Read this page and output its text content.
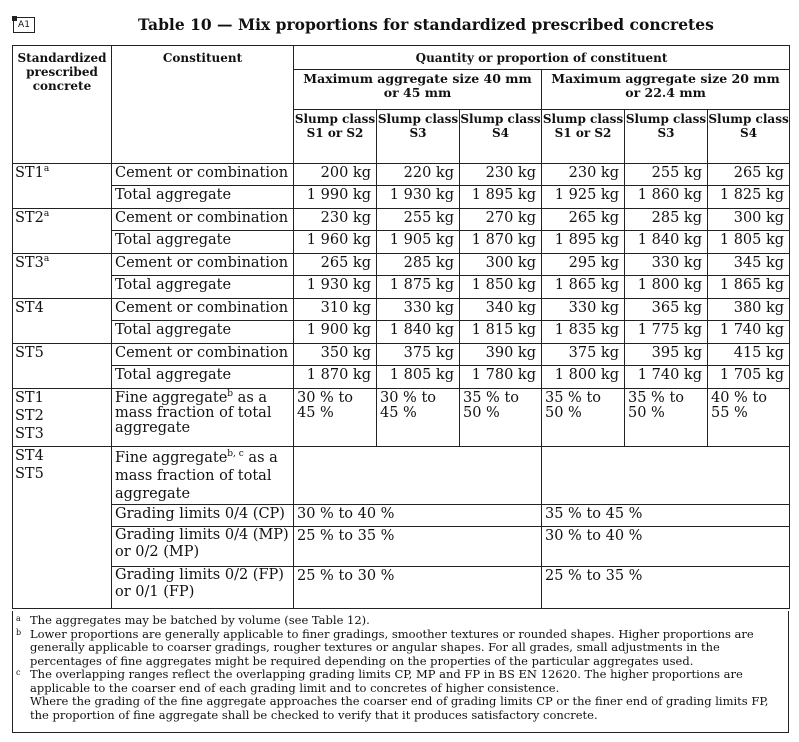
A1	Table 10 — Mix proportions for standardized prescribed concretes
Standardized prescribed concrete	Constituent	Quantity or proportion of constituent					
		Maximum aggregate size 40 mm or 45 mm			Maximum aggregate size 20 mm or 22.4 mm		
		Slump class S1 or S2	Slump class S3	Slump class S4	Slump class S1 or S2	Slump class S3	Slump class S4
ST1$^a$	Cement or combination	200 kg	220 kg	230 kg	230 kg	255 kg	265 kg
	Total aggregate	1 990 kg	1 930 kg	1 895 kg	1 925 kg	1 860 kg	1 825 kg
ST2$^a$	Cement or combination	230 kg	255 kg	270 kg	265 kg	285 kg	300 kg
	Total aggregate	1 960 kg	1 905 kg	1 870 kg	1 895 kg	1 840 kg	1 805 kg
ST3$^a$	Cement or combination	265 kg	285 kg	300 kg	295 kg	330 kg	345 kg
	Total aggregate	1 930 kg	1 875 kg	1 850 kg	1 865 kg	1 800 kg	1 865 kg
ST4	Cement or combination	310 kg	330 kg	340 kg	330 kg	365 kg	380 kg
	Total aggregate	1 900 kg	1 840 kg	1 815 kg	1 835 kg	1 775 kg	1 740 kg
ST5	Cement or combination	350 kg	375 kg	390 kg	375 kg	395 kg	415 kg
	Total aggregate	1 870 kg	1 805 kg	1 780 kg	1 800 kg	1 740 kg	1 705 kg

ST1
ST2
ST3	Fine aggregate$^b$ as a mass fraction of total aggregate	30 % to 45 %	30 % to 45 %	35 % to 50 %	35 % to 50 %	35 % to 50 %	40 % to 55 %

ST4
ST5	Fine aggregate$^{b, c}$ as a mass fraction of total aggregate						
	Grading limits 0/4 (CP)	30 % to 40 %			35 % to 45 %		
	Grading limits 0/4 (MP) or 0/2 (MP)	25 % to 35 %			30 % to 40 %		
	Grading limits 0/2 (FP) or 0/1 (FP)	25 % to 30 %			25 % to 35 %		
a The aggregates may be batched by volume (see Table 12).
b Lower proportions are generally applicable to finer gradings, smoother textures or rounded shapes. Higher proportions are generally applicable to coarser gradings, rougher textures or angular shapes. For all grades, small adjustments in the percentages of fine aggregates might be required depending on the properties of the particular aggregates used.
c The overlapping ranges reflect the overlapping grading limits CP, MP and FP in BS EN 12620. The higher proportions are applicable to the coarser end of each grading limit and to concretes of higher consistence.
Where the grading of the fine aggregate approaches the coarser end of grading limits CP or the finer end of grading limits FP, the proportion of fine aggregate shall be checked to verify that it produces satisfactory concrete.
